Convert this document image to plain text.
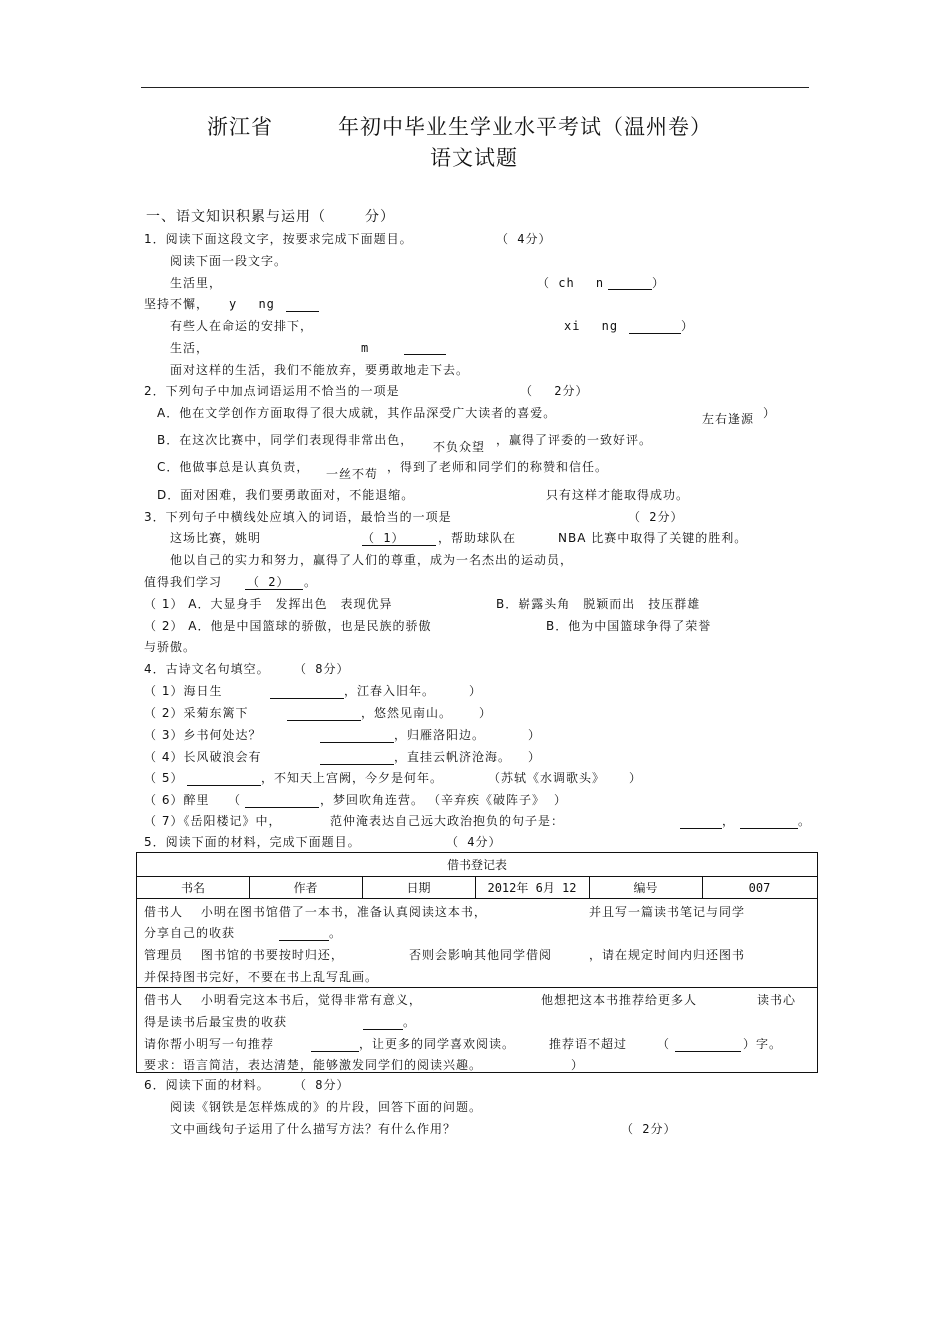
浙江省	年初中毕业生学业水平考试（温州卷）
语文试题
一、语文知识积累与运用（	分）
1．阅读下面这段文字，按要求完成下面题目。	（ 4分）
　　阅读下面一段文字。
　　生活里，
　　　　　　	（ ch　 n　	）　
坚持不懈， y　 ng　
　　有些人在命运的安排下，	xi　 ng　	）
　　生活，	m　　
　　面对这样的生活，我们不能放弃，要勇敢地走下去。
2．下列句子中加点词语运用不恰当的一项是	（　 2分）
　A．他在文学创作方面取得了很大成就，其作品深受广大读者的喜爱。	左右逢源 ）
　B．在这次比赛中，同学们表现得非常出色， 不负众望 ，赢得了评委的一致好评。
　C．他做事总是认真负责， 一丝不苟 ，得到了老师和同学们的称赞和信任。
　D．面对困难，我们要勇敢面对，不能退缩。	只有这样才能取得成功。
3．下列句子中横线处应填入的词语，最恰当的一项是	（ 2分）
　　这场比赛，姚明	（ 1）	，帮助球队在	NBA 比赛中取得了关键的胜利。
　　他以自己的实力和努力，赢得了人们的尊重，成为一名杰出的运动员，
值得我们学习 （ 2） 。
（ 1） A．大显身手　发挥出色　表现优异	B．崭露头角　脱颖而出　技压群雄
（ 2） A．他是中国篮球的骄傲，也是民族的骄傲	B．他为中国篮球争得了荣誉
与骄傲。
4．古诗文名句填空。 （ 8分）
（ 1）海日生	，江春入旧年。	）
（ 2）采菊东篱下	，悠然见南山。 ）
（ 3）乡书何处达？	，归雁洛阳边。	）
（ 4）长风破浪会有	，直挂云帆济沧海。 ）
（ 5）	，不知天上宫阙，今夕是何年。	（苏轼《水调歌头》 ）
（ 6）醉里 （	，梦回吹角连营。 （辛弃疾《破阵子》 ）
（ 7）《岳阳楼记》中，	范仲淹表达自己远大政治抱负的句子是：	，	。
5．阅读下面的材料，完成下面题目。	（ 4分）
借书登记表
书名	作者	日期	2012年 6月 12	编号	007
借书人　 小明在图书馆借了一本书，准备认真阅读这本书，	并且写一篇读书笔记与同学
分享自己的收获	。
管理员　 图书馆的书要按时归还，	否则会影响其他同学借阅	，请在规定时间内归还图书
并保持图书完好，不要在书上乱写乱画。
借书人　 小明看完这本书后，觉得非常有意义，	他想把这本书推荐给更多人	读书心
得是读书后最宝贵的收获	。
请你帮小明写一句推荐	，让更多的同学喜欢阅读。	推荐语不超过 （	）字。
要求：语言简洁，表达清楚，能够激发同学们的阅读兴趣。	）
6．阅读下面的材料。 （ 8分）
　　阅读《钢铁是怎样炼成的》的片段，回答下面的问题。
　　文中画线句子运用了什么描写方法？有什么作用？	（ 2分）
